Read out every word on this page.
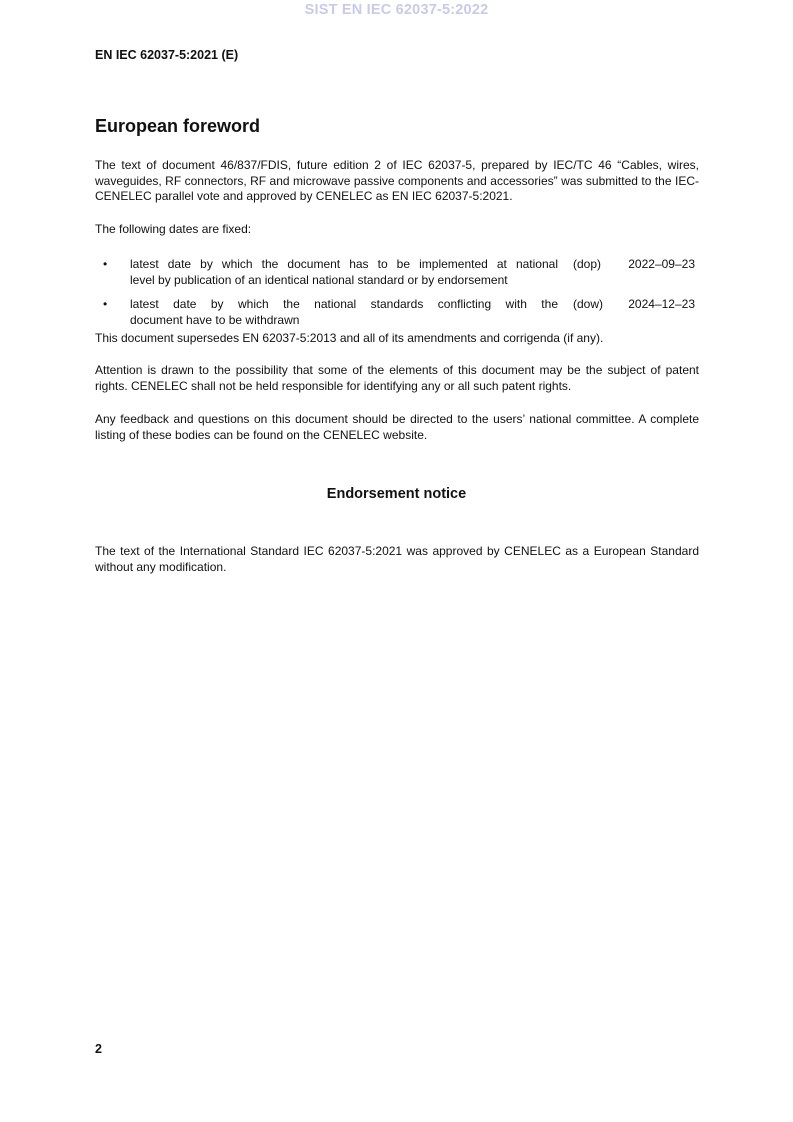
SIST EN IEC 62037-5:2022
EN IEC 62037-5:2021 (E)
European foreword

The text of document 46/837/FDIS, future edition 2 of IEC 62037-5, prepared by IEC/TC 46 “Cables, wires, waveguides, RF connectors, RF and microwave passive components and accessories” was submitted to the IEC-CENELEC parallel vote and approved by CENELEC as EN IEC 62037-5:2021.

The following dates are fixed:

• latest date by which the document has to be implemented at national
level by publication of an identical national standard or by endorsement
(dop) 2022–09–23
• latest date by which the national standards conflicting with the
document have to be withdrawn
(dow) 2024–12–23

This document supersedes EN 62037-5:2013 and all of its amendments and corrigenda (if any).

Attention is drawn to the possibility that some of the elements of this document may be the subject of patent rights. CENELEC shall not be held responsible for identifying any or all such patent rights.

Any feedback and questions on this document should be directed to the users’ national committee. A complete listing of these bodies can be found on the CENELEC website.

Endorsement notice

The text of the International Standard IEC 62037-5:2021 was approved by CENELEC as a European Standard without any modification.

2
